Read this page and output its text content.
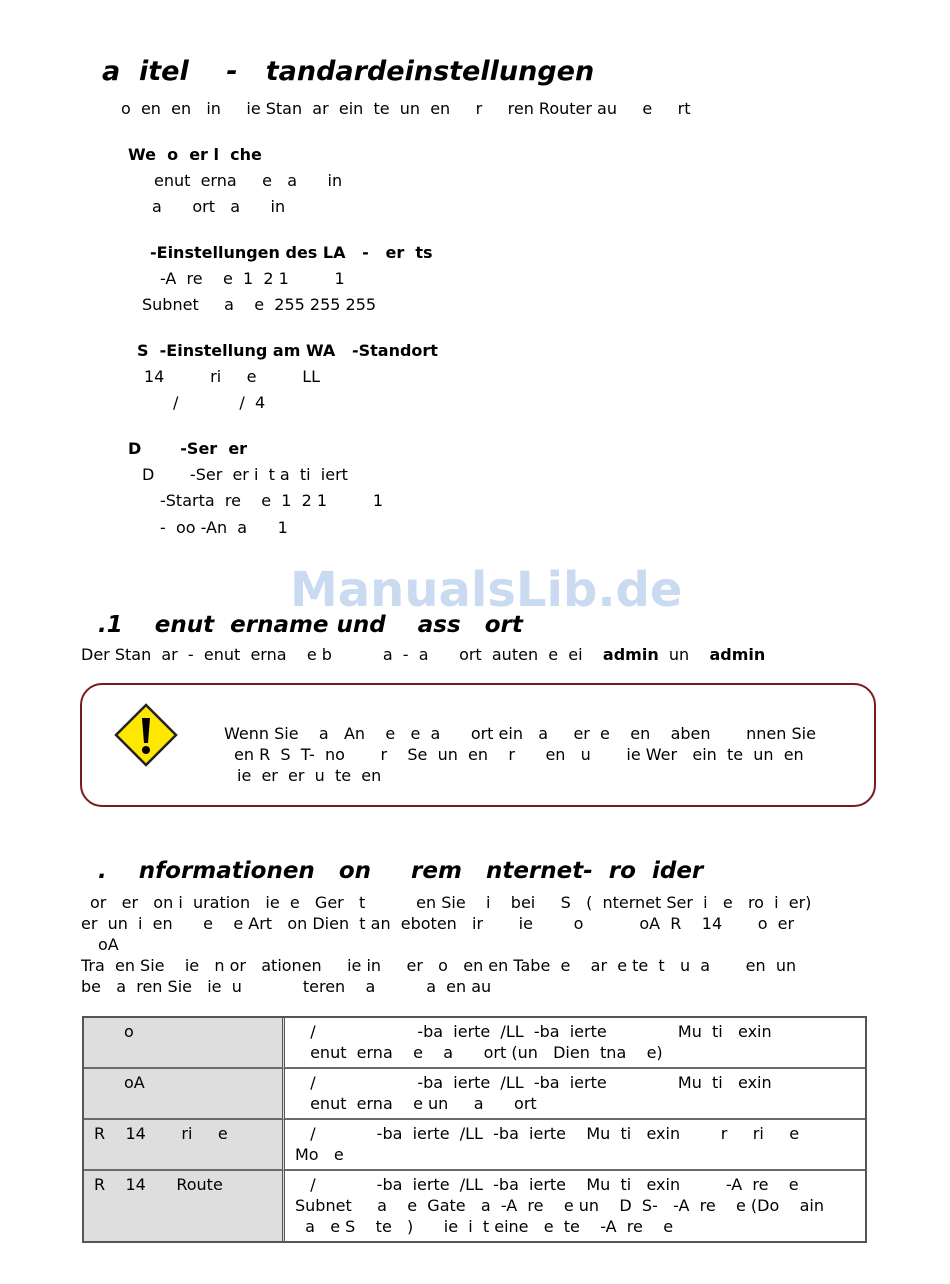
a  itel    -   tandardeinstellungen
o  en  en   in     ie Stan  ar  ein  te  un  en     r     ren Router au     e     rt
We  o  er l  che
enut  erna     e   a      in
a      ort   a      in
-Einstellungen des LA   -   er  ts
-A  re    e  1  2 1         1
Subnet     a    e  255 255 255
S  -Einstellung am WA   -Standort
14         ri     e         LL
/            /  4
D       -Ser  er
D       -Ser  er i  t a  ti  iert
-Starta  re    e  1  2 1         1
-  oo -An  a      1
ManualsLib.de
.1    enut  ername und    ass   ort
Der Stan  ar  -  enut  erna    e b          a  -  a      ort  auten  e  ei admin un admin
Wenn Sie    a   An    e   e  a      ort ein   a     er  e    en    aben       nnen Sie
en R  S  T-  no       r    Se  un  en    r      en   u       ie Wer   ein  te  un  en
ie  er  er  u  te  en
.    nformationen   on     rem   nternet-  ro  ider
or   er   on i  uration   ie  e   Ger   t          en Sie    i    bei     S   (  nternet Ser  i   e   ro  i  er)
er  un  i  en      e    e Art   on Dien  t an  eboten   ir       ie        o           oA  R    14       o  er
oA
Tra  en Sie    ie   n or   ationen     ie in     er   o   en en Tabe  e    ar  e te  t   u  a       en  un
be   a  ren Sie   ie  u            teren    a          a  en au
o	/                    -ba  ierte  /LL  -ba  ierte              Mu  ti   exin
enut  erna    e    a      ort (un   Dien  tna    e)

oA	/                    -ba  ierte  /LL  -ba  ierte              Mu  ti   exin
enut  erna    e un     a      ort

R    14       ri     e	/            -ba  ierte  /LL  -ba  ierte    Mu  ti   exin        r     ri     e
Mo   e

R    14      Route	/            -ba  ierte  /LL  -ba  ierte    Mu  ti   exin         -A  re    e
Subnet     a    e  Gate   a  -A  re    e un    D  S-   -A  re    e (Do    ain
a   e S    te   )      ie  i  t eine   e  te    -A  re    e
